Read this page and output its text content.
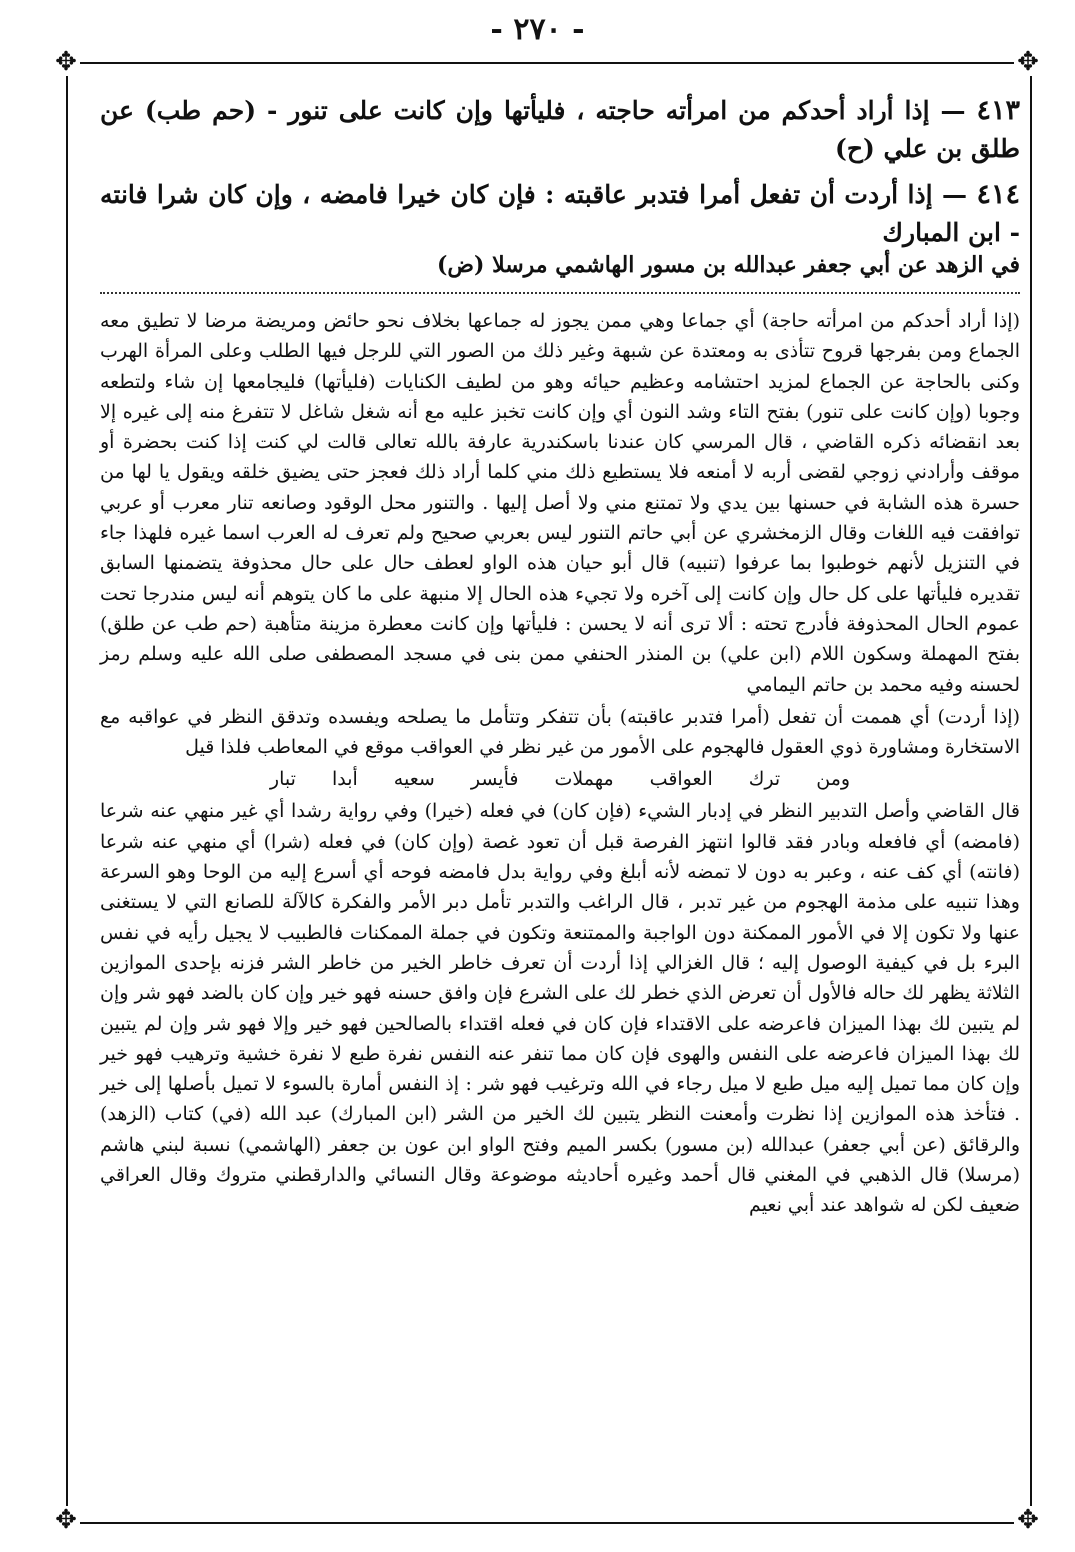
- ٢٧٠ -
✥	✥
✥	✥
٤١٣ — إذا أراد أحدكم من امرأته حاجته ، فليأتها وإن كانت على تنور - (حم طب) عن طلق بن علي (ح)
٤١٤ — إذا أردت أن تفعل أمرا فتدبر عاقبته : فإن كان خيرا فامضه ، وإن كان شرا فانته - ابن المبارك
في الزهد عن أبي جعفر عبدالله بن مسور الهاشمي مرسلا (ض)

(إذا أراد أحدكم من امرأته حاجة) أي جماعا وهي ممن يجوز له جماعها بخلاف نحو حائض ومريضة مرضا لا تطيق معه الجماع ومن بفرجها قروح تتأذى به ومعتدة عن شبهة وغير ذلك من الصور التي للرجل فيها الطلب وعلى المرأة الهرب وكنى بالحاجة عن الجماع لمزيد احتشامه وعظيم حيائه وهو من لطيف الكنايات (فليأتها) فليجامعها إن شاء ولتطعه وجوبا (وإن كانت على تنور) بفتح التاء وشد النون أي وإن كانت تخبز عليه مع أنه شغل شاغل لا تتفرغ منه إلى غيره إلا بعد انقضائه ذكره القاضي ، قال المرسي كان عندنا باسكندرية عارفة بالله تعالى قالت لي كنت إذا كنت بحضرة أو موقف وأرادني زوجي لقضى أربه لا أمنعه فلا يستطيع ذلك مني كلما أراد ذلك فعجز حتى يضيق خلقه ويقول يا لها من حسرة هذه الشابة في حسنها بين يدي ولا تمتنع مني ولا أصل إليها . والتنور محل الوقود وصانعه تنار معرب أو عربي توافقت فيه اللغات وقال الزمخشري عن أبي حاتم التنور ليس بعربي صحيح ولم تعرف له العرب اسما غيره فلهذا جاء في التنزيل لأنهم خوطبوا بما عرفوا (تنبيه) قال أبو حيان هذه الواو لعطف حال على حال محذوفة يتضمنها السابق تقديره فليأتها على كل حال وإن كانت إلى آخره ولا تجيء هذه الحال إلا منبهة على ما كان يتوهم أنه ليس مندرجا تحت عموم الحال المحذوفة فأدرج تحته : ألا ترى أنه لا يحسن : فليأتها وإن كانت معطرة مزينة متأهبة (حم طب عن طلق) بفتح المهملة وسكون اللام (ابن علي) بن المنذر الحنفي ممن بنى في مسجد المصطفى صلى الله عليه وسلم رمز لحسنه وفيه محمد بن حاتم اليمامي

(إذا أردت) أي هممت أن تفعل (أمرا فتدبر عاقبته) بأن تتفكر وتتأمل ما يصلحه ويفسده وتدقق النظر في عواقبه مع الاستخارة ومشاورة ذوي العقول فالهجوم على الأمور من غير نظر في العواقب موقع في المعاطب فلذا قيل

ومن ترك العواقب مهملات فأيسر سعيه أبدا تبار

قال القاضي وأصل التدبير النظر في إدبار الشيء (فإن كان) في فعله (خيرا) وفي رواية رشدا أي غير منهي عنه شرعا (فامضه) أي فافعله وبادر فقد قالوا انتهز الفرصة قبل أن تعود غصة (وإن كان) في فعله (شرا) أي منهي عنه شرعا (فانته) أي كف عنه ، وعبر به دون لا تمضه لأنه أبلغ وفي رواية بدل فامضه فوحه أي أسرع إليه من الوحا وهو السرعة وهذا تنبيه على مذمة الهجوم من غير تدبر ، قال الراغب والتدبر تأمل دبر الأمر والفكرة كالآلة للصانع التي لا يستغنى عنها ولا تكون إلا في الأمور الممكنة دون الواجبة والممتنعة وتكون في جملة الممكنات فالطبيب لا يجيل رأيه في نفس البرء بل في كيفية الوصول إليه ؛ قال الغزالي إذا أردت أن تعرف خاطر الخير من خاطر الشر فزنه بإحدى الموازين الثلاثة يظهر لك حاله فالأول أن تعرض الذي خطر لك على الشرع فإن وافق حسنه فهو خير وإن كان بالضد فهو شر وإن لم يتبين لك بهذا الميزان فاعرضه على الاقتداء فإن كان في فعله اقتداء بالصالحين فهو خير وإلا فهو شر وإن لم يتبين لك بهذا الميزان فاعرضه على النفس والهوى فإن كان مما تنفر عنه النفس نفرة طبع لا نفرة خشية وترهيب فهو خير وإن كان مما تميل إليه ميل طبع لا ميل رجاء في الله وترغيب فهو شر : إذ النفس أمارة بالسوء لا تميل بأصلها إلى خير . فتأخذ هذه الموازين إذا نظرت وأمعنت النظر يتبين لك الخير من الشر (ابن المبارك) عبد الله (في) كتاب (الزهد) والرقائق (عن أبي جعفر) عبدالله (بن مسور) بكسر الميم وفتح الواو ابن عون بن جعفر (الهاشمي) نسبة لبني هاشم (مرسلا) قال الذهبي في المغني قال أحمد وغيره أحاديثه موضوعة وقال النسائي والدارقطني متروك وقال العراقي ضعيف لكن له شواهد عند أبي نعيم
